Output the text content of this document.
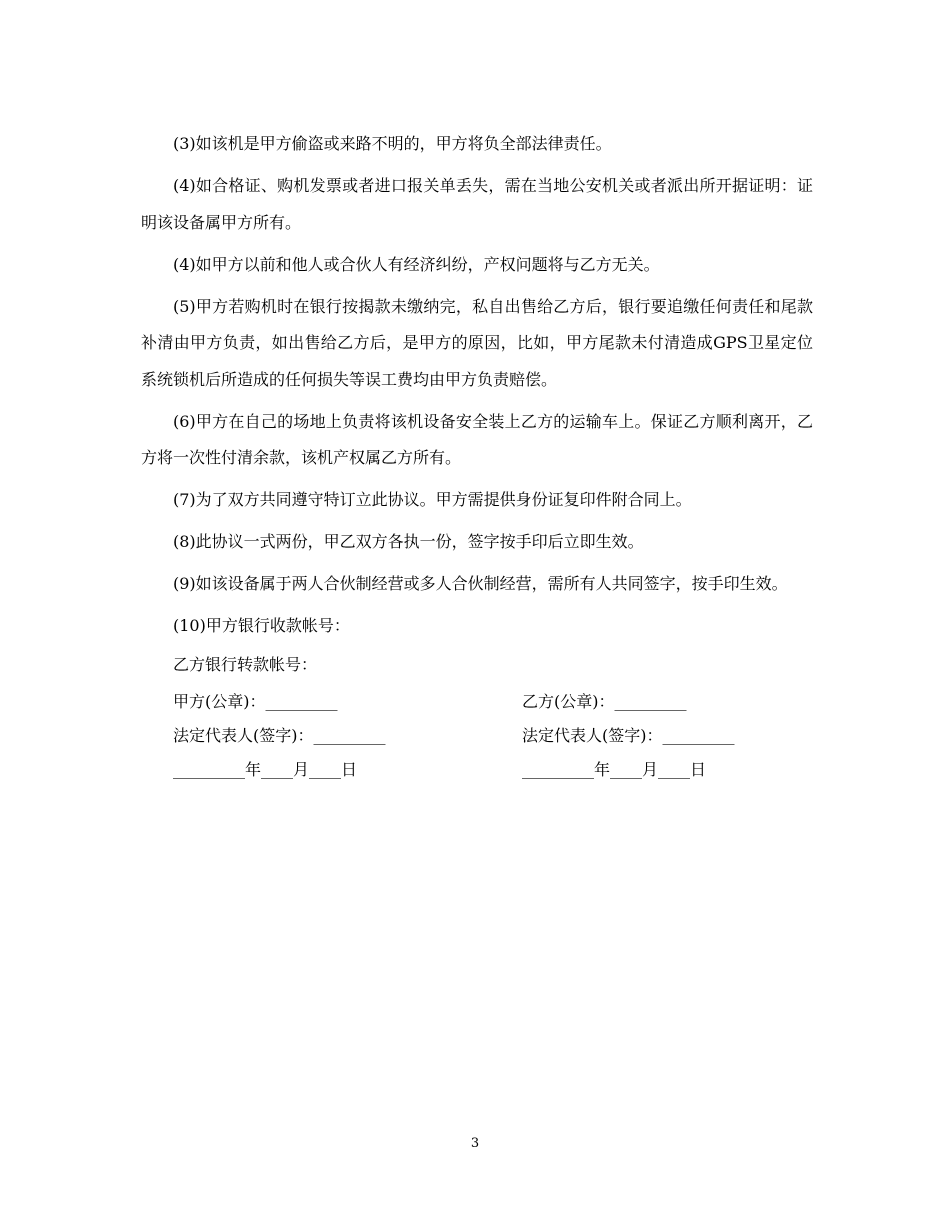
(3)如该机是甲方偷盗或来路不明的，甲方将负全部法律责任。

(4)如合格证、购机发票或者进口报关单丢失，需在当地公安机关或者派出所开据证明：证明该设备属甲方所有。

(4)如甲方以前和他人或合伙人有经济纠纷，产权问题将与乙方无关。

(5)甲方若购机时在银行按揭款未缴纳完，私自出售给乙方后，银行要追缴任何责任和尾款补清由甲方负责，如出售给乙方后，是甲方的原因，比如，甲方尾款未付清造成GPS卫星定位系统锁机后所造成的任何损失等误工费均由甲方负责赔偿。

(6)甲方在自己的场地上负责将该机设备安全装上乙方的运输车上。保证乙方顺利离开，乙方将一次性付清余款，该机产权属乙方所有。

(7)为了双方共同遵守特订立此协议。甲方需提供身份证复印件附合同上。

(8)此协议一式两份，甲乙双方各执一份，签字按手印后立即生效。

(9)如该设备属于两人合伙制经营或多人合伙制经营，需所有人共同签字，按手印生效。

(10)甲方银行收款帐号：
乙方银行转款帐号：
甲方(公章)：_________	乙方(公章)：_________
法定代表人(签字)：_________	法定代表人(签字)：_________
_________年____月____日	_________年____月____日
3
